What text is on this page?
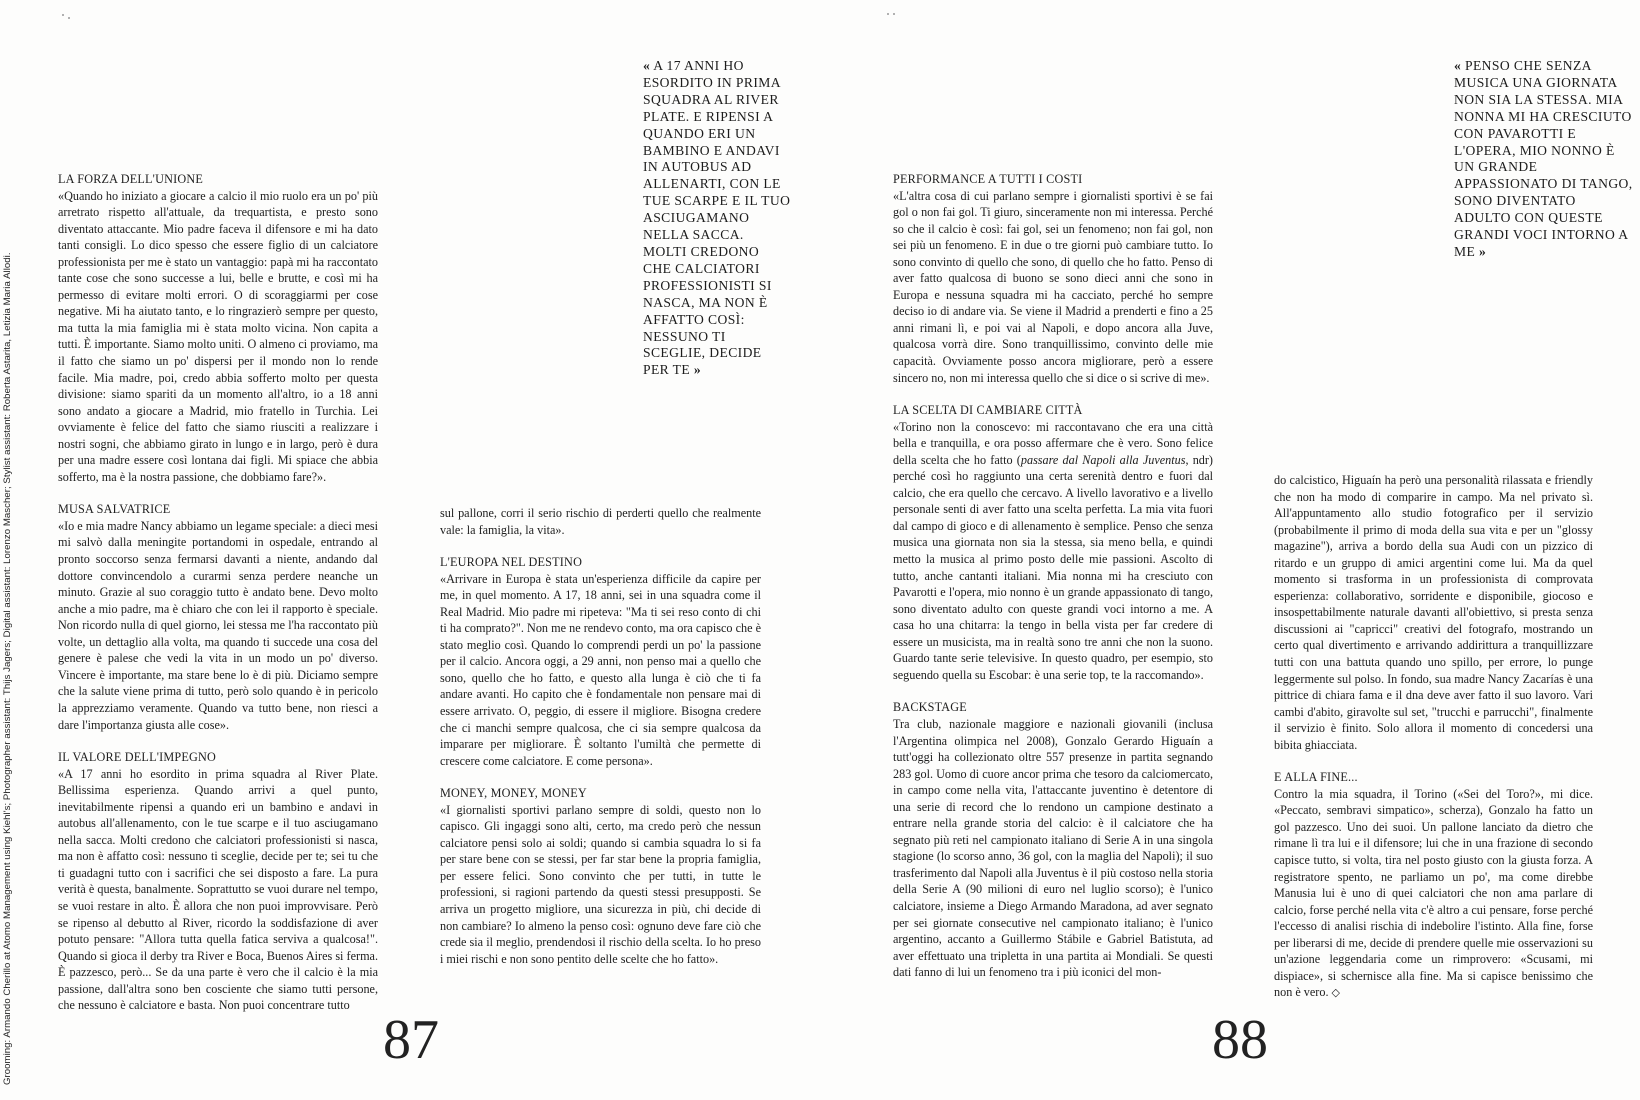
Grooming: Armando Cherillo at Atomo Management using Kiehl's; Photographer assistant: Thijs Jagers; Digital assistant: Lorenzo Mascher; Stylist assistant: Roberta Astarita, Letizia Maria Allodi.
LA FORZA DELL'UNIONE

«Quando ho iniziato a giocare a calcio il mio ruolo era un po' più arretrato rispetto all'attuale, da trequartista, e presto sono diventato attaccante. Mio padre faceva il difensore e mi ha dato tanti consigli. Lo dico spesso che essere figlio di un calciatore professionista per me è stato un vantaggio: papà mi ha raccontato tante cose che sono successe a lui, belle e brutte, e così mi ha permesso di evitare molti errori. O di scoraggiarmi per cose negative. Mi ha aiutato tanto, e lo ringrazierò sempre per questo, ma tutta la mia famiglia mi è stata molto vicina. Non capita a tutti. È importante. Siamo molto uniti. O almeno ci proviamo, ma il fatto che siamo un po' dispersi per il mondo non lo rende facile. Mia madre, poi, credo abbia sofferto molto per questa divisione: siamo spariti da un momento all'altro, io a 18 anni sono andato a giocare a Madrid, mio fratello in Turchia. Lei ovviamente è felice del fatto che siamo riusciti a realizzare i nostri sogni, che abbiamo girato in lungo e in largo, però è dura per una madre essere così lontana dai figli. Mi spiace che abbia sofferto, ma è la nostra passione, che dobbiamo fare?».

MUSA SALVATRICE

«Io e mia madre Nancy abbiamo un legame speciale: a dieci mesi mi salvò dalla meningite portandomi in ospedale, entrando al pronto soccorso senza fermarsi davanti a niente, andando dal dottore convincendolo a curarmi senza perdere neanche un minuto. Grazie al suo coraggio tutto è andato bene. Devo molto anche a mio padre, ma è chiaro che con lei il rapporto è speciale. Non ricordo nulla di quel giorno, lei stessa me l'ha raccontato più volte, un dettaglio alla volta, ma quando ti succede una cosa del genere è palese che vedi la vita in un modo un po' diverso. Vincere è importante, ma stare bene lo è di più. Diciamo sempre che la salute viene prima di tutto, però solo quando è in pericolo la apprezziamo veramente. Quando va tutto bene, non riesci a dare l'importanza giusta alle cose».

IL VALORE DELL'IMPEGNO

«A 17 anni ho esordito in prima squadra al River Plate. Bellissima esperienza. Quando arrivi a quel punto, inevitabilmente ripensi a quando eri un bambino e andavi in autobus all'allenamento, con le tue scarpe e il tuo asciugamano nella sacca. Molti credono che calciatori professionisti si nasca, ma non è affatto così: nessuno ti sceglie, decide per te; sei tu che ti guadagni tutto con i sacrifici che sei disposto a fare. La pura verità è questa, banalmente. Soprattutto se vuoi durare nel tempo, se vuoi restare in alto. È allora che non puoi improvvisare. Però se ripenso al debutto al River, ricordo la soddisfazione di aver potuto pensare: "Allora tutta quella fatica serviva a qualcosa!". Quando si gioca il derby tra River e Boca, Buenos Aires si ferma. È pazzesco, però... Se da una parte è vero che il calcio è la mia passione, dall'altra sono ben cosciente che siamo tutti persone, che nessuno è calciatore e basta. Non puoi concentrare tutto

« A 17 ANNI HO ESORDITO IN PRIMA SQUADRA AL RIVER PLATE. E RIPENSI A QUANDO ERI UN BAMBINO E ANDAVI IN AUTOBUS AD ALLENARTI, CON LE TUE SCARPE E IL TUO ASCIUGAMANO NELLA SACCA. MOLTI CREDONO CHE CALCIATORI PROFESSIONISTI SI NASCA, MA NON È AFFATTO COSÌ: NESSUNO TI SCEGLIE, DECIDE PER TE »

sul pallone, corri il serio rischio di perderti quello che realmente vale: la famiglia, la vita».

L'EUROPA NEL DESTINO

«Arrivare in Europa è stata un'esperienza difficile da capire per me, in quel momento. A 17, 18 anni, sei in una squadra come il Real Madrid. Mio padre mi ripeteva: "Ma ti sei reso conto di chi ti ha comprato?". Non me ne rendevo conto, ma ora capisco che è stato meglio così. Quando lo comprendi perdi un po' la passione per il calcio. Ancora oggi, a 29 anni, non penso mai a quello che sono, quello che ho fatto, e questo alla lunga è ciò che ti fa andare avanti. Ho capito che è fondamentale non pensare mai di essere arrivato. O, peggio, di essere il migliore. Bisogna credere che ci manchi sempre qualcosa, che ci sia sempre qualcosa da imparare per migliorare. È soltanto l'umiltà che permette di crescere come calciatore. E come persona».

MONEY, MONEY, MONEY

«I giornalisti sportivi parlano sempre di soldi, questo non lo capisco. Gli ingaggi sono alti, certo, ma credo però che nessun calciatore pensi solo ai soldi; quando si cambia squadra lo si fa per stare bene con se stessi, per far star bene la propria famiglia, per essere felici. Sono convinto che per tutti, in tutte le professioni, si ragioni partendo da questi stessi presupposti. Se arriva un progetto migliore, una sicurezza in più, chi decide di non cambiare? Io almeno la penso così: ognuno deve fare ciò che crede sia il meglio, prendendosi il rischio della scelta. Io ho preso i miei rischi e non sono pentito delle scelte che ho fatto».

87
PERFORMANCE A TUTTI I COSTI

«L'altra cosa di cui parlano sempre i giornalisti sportivi è se fai gol o non fai gol. Ti giuro, sinceramente non mi interessa. Perché so che il calcio è così: fai gol, sei un fenomeno; non fai gol, non sei più un fenomeno. E in due o tre giorni può cambiare tutto. Io sono convinto di quello che sono, di quello che ho fatto. Penso di aver fatto qualcosa di buono se sono dieci anni che sono in Europa e nessuna squadra mi ha cacciato, perché ho sempre deciso io di andare via. Se viene il Madrid a prenderti e fino a 25 anni rimani lì, e poi vai al Napoli, e dopo ancora alla Juve, qualcosa vorrà dire. Sono tranquillissimo, convinto delle mie capacità. Ovviamente posso ancora migliorare, però a essere sincero no, non mi interessa quello che si dice o si scrive di me».

LA SCELTA DI CAMBIARE CITTÀ

«Torino non la conoscevo: mi raccontavano che era una città bella e tranquilla, e ora posso affermare che è vero. Sono felice della scelta che ho fatto (passare dal Napoli alla Juventus, ndr) perché così ho raggiunto una certa serenità dentro e fuori dal calcio, che era quello che cercavo. A livello lavorativo e a livello personale senti di aver fatto una scelta perfetta. La mia vita fuori dal campo di gioco e di allenamento è semplice. Penso che senza musica una giornata non sia la stessa, sia meno bella, e quindi metto la musica al primo posto delle mie passioni. Ascolto di tutto, anche cantanti italiani. Mia nonna mi ha cresciuto con Pavarotti e l'opera, mio nonno è un grande appassionato di tango, sono diventato adulto con queste grandi voci intorno a me. A casa ho una chitarra: la tengo in bella vista per far credere di essere un musicista, ma in realtà sono tre anni che non la suono. Guardo tante serie televisive. In questo quadro, per esempio, sto seguendo quella su Escobar: è una serie top, te la raccomando».

BACKSTAGE

Tra club, nazionale maggiore e nazionali giovanili (inclusa l'Argentina olimpica nel 2008), Gonzalo Gerardo Higuaín a tutt'oggi ha collezionato oltre 557 presenze in partita segnando 283 gol. Uomo di cuore ancor prima che tesoro da calciomercato, in campo come nella vita, l'attaccante juventino è detentore di una serie di record che lo rendono un campione destinato a entrare nella grande storia del calcio: è il calciatore che ha segnato più reti nel campionato italiano di Serie A in una singola stagione (lo scorso anno, 36 gol, con la maglia del Napoli); il suo trasferimento dal Napoli alla Juventus è il più costoso nella storia della Serie A (90 milioni di euro nel luglio scorso); è l'unico calciatore, insieme a Diego Armando Maradona, ad aver segnato per sei giornate consecutive nel campionato italiano; è l'unico argentino, accanto a Guillermo Stábile e Gabriel Batistuta, ad aver effettuato una tripletta in una partita ai Mondiali. Se questi dati fanno di lui un fenomeno tra i più iconici del mon-

« PENSO CHE SENZA MUSICA UNA GIORNATA NON SIA LA STESSA. MIA NONNA MI HA CRESCIUTO CON PAVAROTTI E L'OPERA, MIO NONNO È UN GRANDE APPASSIONATO DI TANGO, SONO DIVENTATO ADULTO CON QUESTE GRANDI VOCI INTORNO A ME »

do calcistico, Higuaín ha però una personalità rilassata e friendly che non ha modo di comparire in campo. Ma nel privato sì. All'appuntamento allo studio fotografico per il servizio (probabilmente il primo di moda della sua vita e per un "glossy magazine"), arriva a bordo della sua Audi con un pizzico di ritardo e un gruppo di amici argentini come lui. Ma da quel momento si trasforma in un professionista di comprovata esperienza: collaborativo, sorridente e disponibile, giocoso e insospettabilmente naturale davanti all'obiettivo, si presta senza discussioni ai "capricci" creativi del fotografo, mostrando un certo qual divertimento e arrivando addirittura a tranquillizzare tutti con una battuta quando uno spillo, per errore, lo punge leggermente sul polso. In fondo, sua madre Nancy Zacarías è una pittrice di chiara fama e il dna deve aver fatto il suo lavoro. Vari cambi d'abito, giravolte sul set, "trucchi e parrucchi", finalmente il servizio è finito. Solo allora il momento di concedersi una bibita ghiacciata.

E ALLA FINE...

Contro la mia squadra, il Torino («Sei del Toro?», mi dice. «Peccato, sembravi simpatico», scherza), Gonzalo ha fatto un gol pazzesco. Uno dei suoi. Un pallone lanciato da dietro che rimane lì tra lui e il difensore; lui che in una frazione di secondo capisce tutto, si volta, tira nel posto giusto con la giusta forza. A registratore spento, ne parliamo un po', ma come direbbe Manusia lui è uno di quei calciatori che non ama parlare di calcio, forse perché nella vita c'è altro a cui pensare, forse perché l'eccesso di analisi rischia di indebolire l'istinto. Alla fine, forse per liberarsi di me, decide di prendere quelle mie osservazioni su un'azione leggendaria come un rimprovero: «Scusami, mi dispiace», si schernisce alla fine. Ma si capisce benissimo che non è vero. ◇

88
